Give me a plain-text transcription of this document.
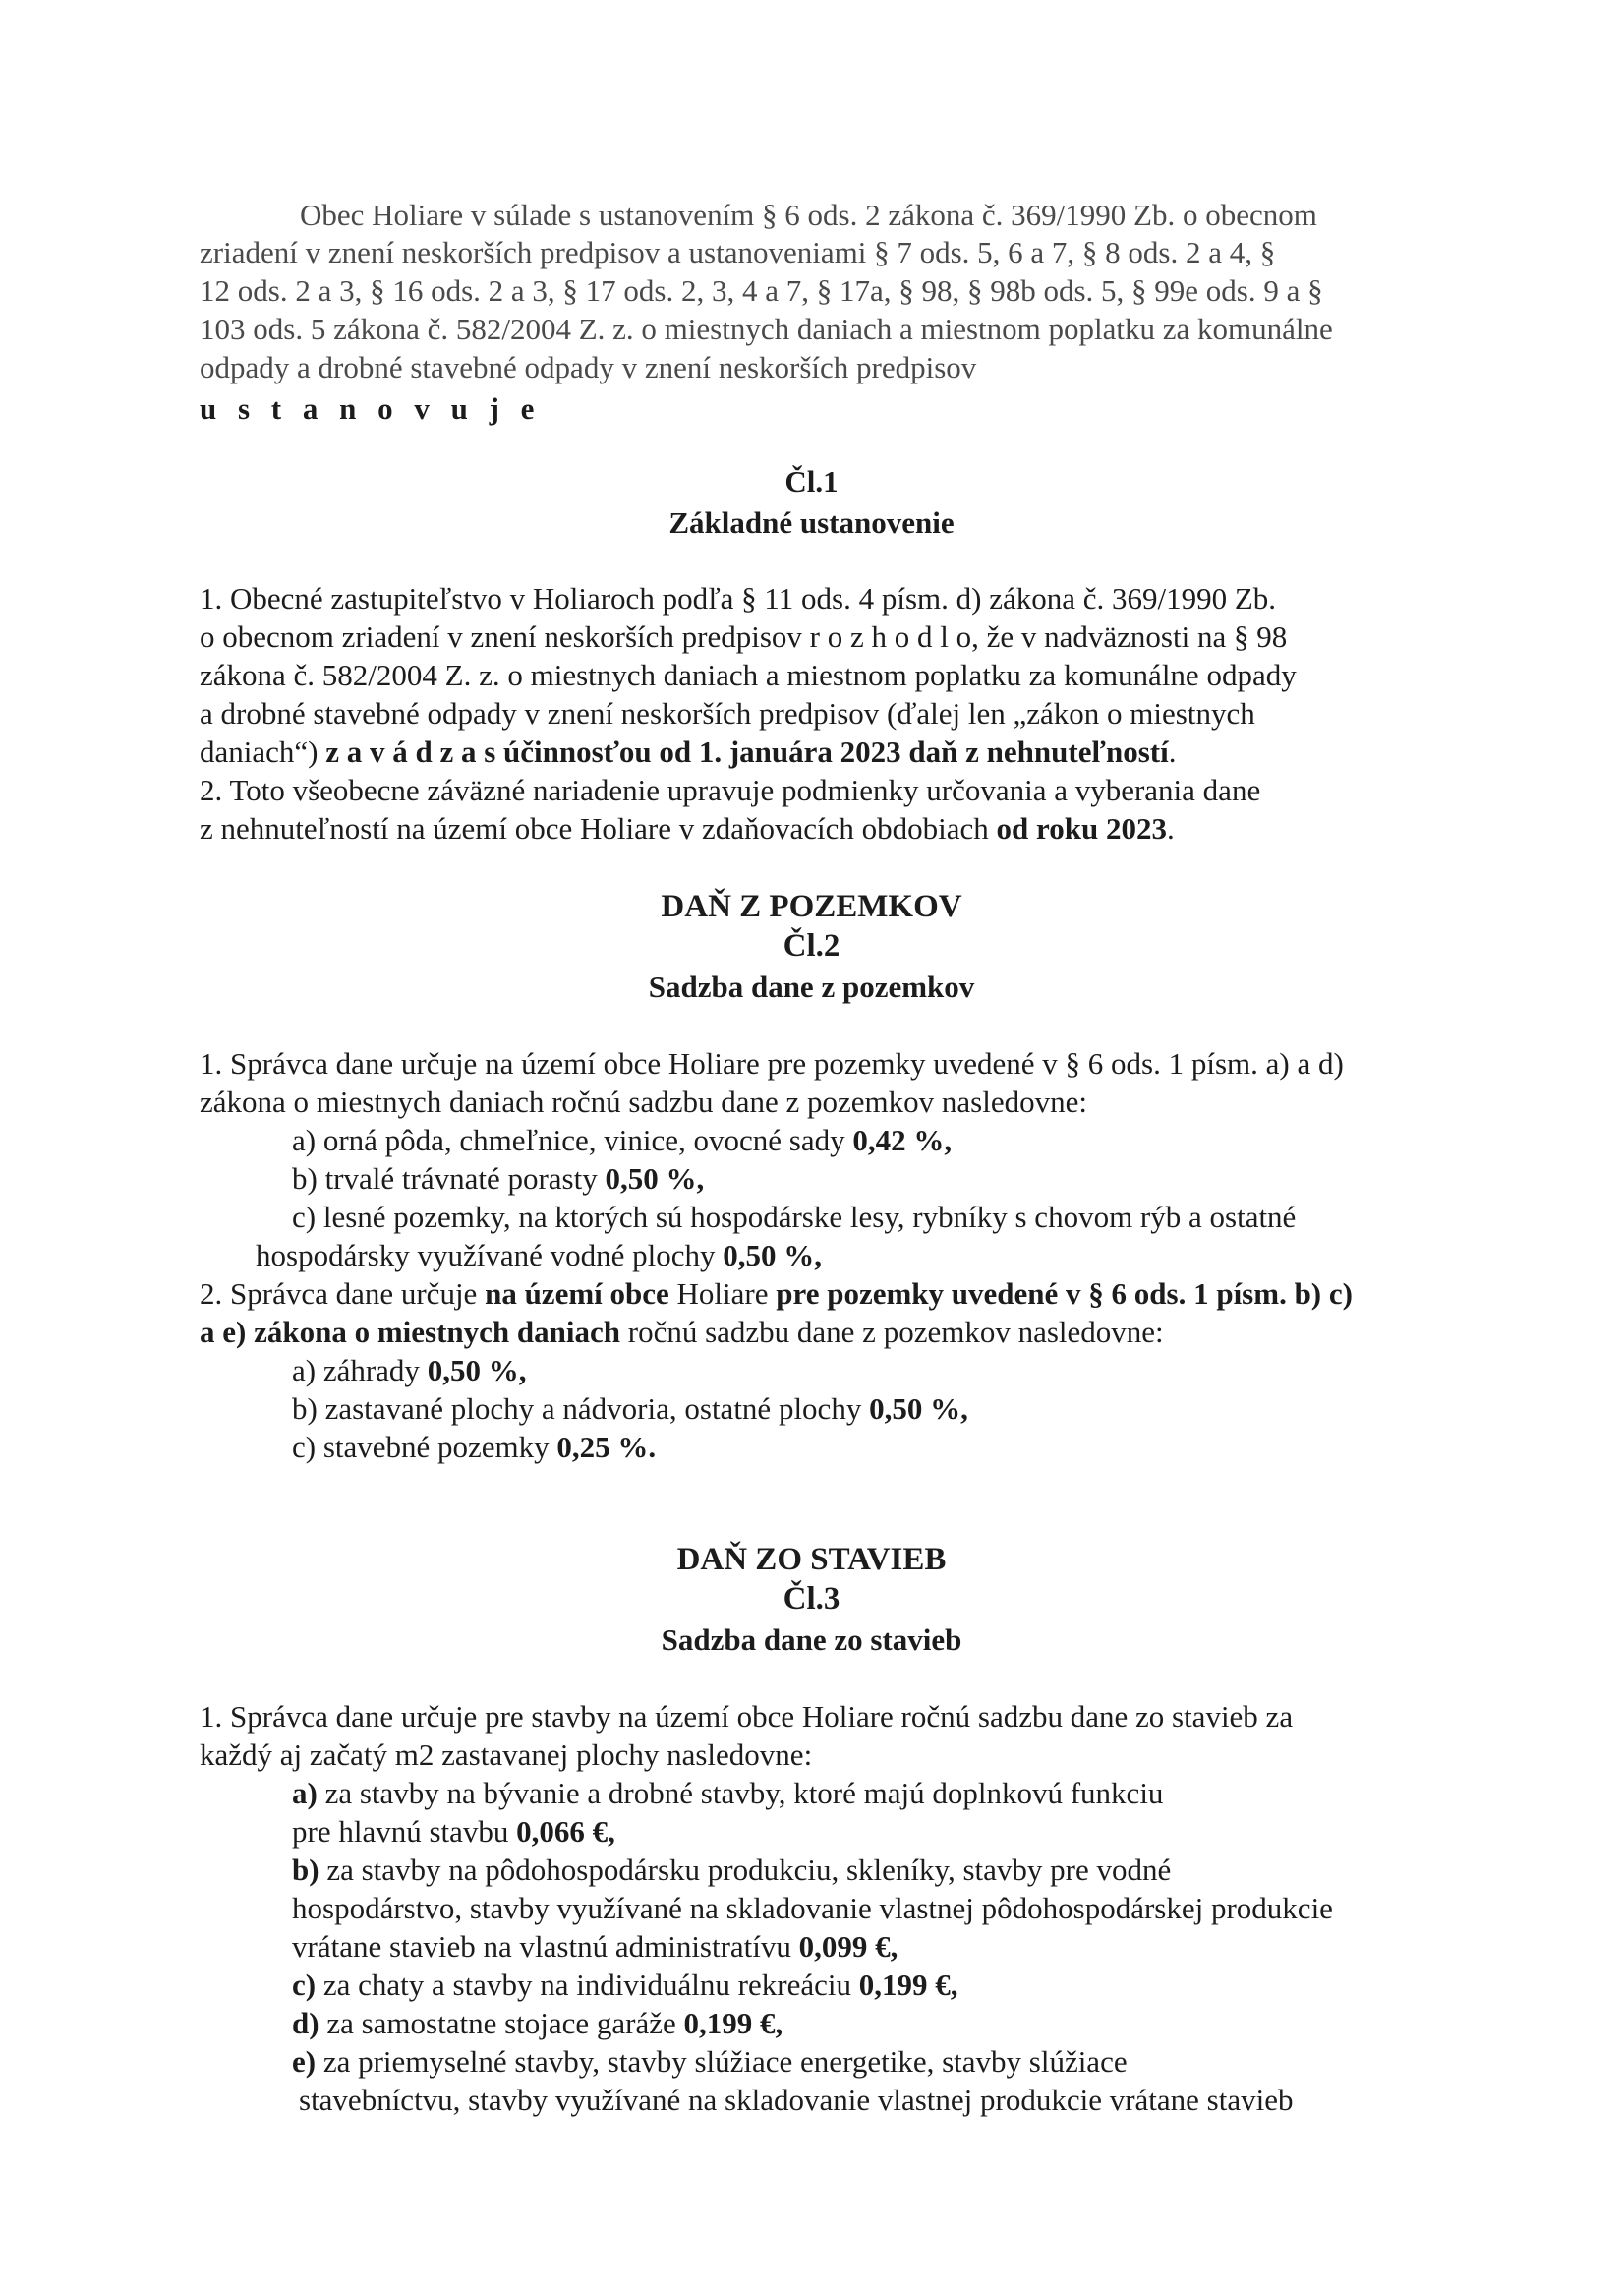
Obec Holiare v súlade s ustanovením § 6 ods. 2 zákona č. 369/1990 Zb. o obecnom
zriadení v znení neskorších predpisov a ustanoveniami § 7 ods. 5, 6 a 7, § 8 ods. 2 a 4, §
12 ods. 2 a 3, § 16 ods. 2 a 3, § 17 ods. 2, 3, 4 a 7, § 17a, § 98, § 98b ods. 5, § 99e ods. 9 a §
103 ods. 5 zákona č. 582/2004 Z. z. o miestnych daniach a miestnom poplatku za komunálne
odpady a drobné stavebné odpady v znení neskorších predpisov
u s t a n o v u j e
Čl.1
Základné ustanovenie
1. Obecné zastupiteľstvo v Holiaroch podľa § 11 ods. 4 písm. d) zákona č. 369/1990 Zb.
o obecnom zriadení v znení neskorších predpisov r o z h o d l o, že v nadväznosti na § 98
zákona č. 582/2004 Z. z. o miestnych daniach a miestnom poplatku za komunálne odpady
a drobné stavebné odpady v znení neskorších predpisov (ďalej len „zákon o miestnych
daniach“) z a v á d z a s účinnosťou od 1. januára 2023 daň z nehnuteľností.
2. Toto všeobecne záväzné nariadenie upravuje podmienky určovania a vyberania dane
z nehnuteľností na území obce Holiare v zdaňovacích obdobiach od roku 2023.
DAŇ Z POZEMKOV
Čl.2
Sadzba dane z pozemkov
1. Správca dane určuje na území obce Holiare pre pozemky uvedené v § 6 ods. 1 písm. a) a d)
zákona o miestnych daniach ročnú sadzbu dane z pozemkov nasledovne:
a) orná pôda, chmeľnice, vinice, ovocné sady 0,42 %,
b) trvalé trávnaté porasty 0,50 %,
c) lesné pozemky, na ktorých sú hospodárske lesy, rybníky s chovom rýb a ostatné
hospodársky využívané vodné plochy 0,50 %,
2. Správca dane určuje na území obce Holiare pre pozemky uvedené v § 6 ods. 1 písm. b) c)
a e) zákona o miestnych daniach ročnú sadzbu dane z pozemkov nasledovne:
a) záhrady 0,50 %,
b) zastavané plochy a nádvoria, ostatné plochy 0,50 %,
c) stavebné pozemky 0,25 %.
DAŇ ZO STAVIEB
Čl.3
Sadzba dane zo stavieb
1. Správca dane určuje pre stavby na území obce Holiare ročnú sadzbu dane zo stavieb za
každý aj začatý m2 zastavanej plochy nasledovne:
a) za stavby na bývanie a drobné stavby, ktoré majú doplnkovú funkciu
pre hlavnú stavbu 0,066 €,
b) za stavby na pôdohospodársku produkciu, skleníky, stavby pre vodné
hospodárstvo, stavby využívané na skladovanie vlastnej pôdohospodárskej produkcie
vrátane stavieb na vlastnú administratívu 0,099 €,
c) za chaty a stavby na individuálnu rekreáciu 0,199 €,
d) za samostatne stojace garáže 0,199 €,
e) za priemyselné stavby, stavby slúžiace energetike, stavby slúžiace
stavebníctvu, stavby využívané na skladovanie vlastnej produkcie vrátane stavieb
